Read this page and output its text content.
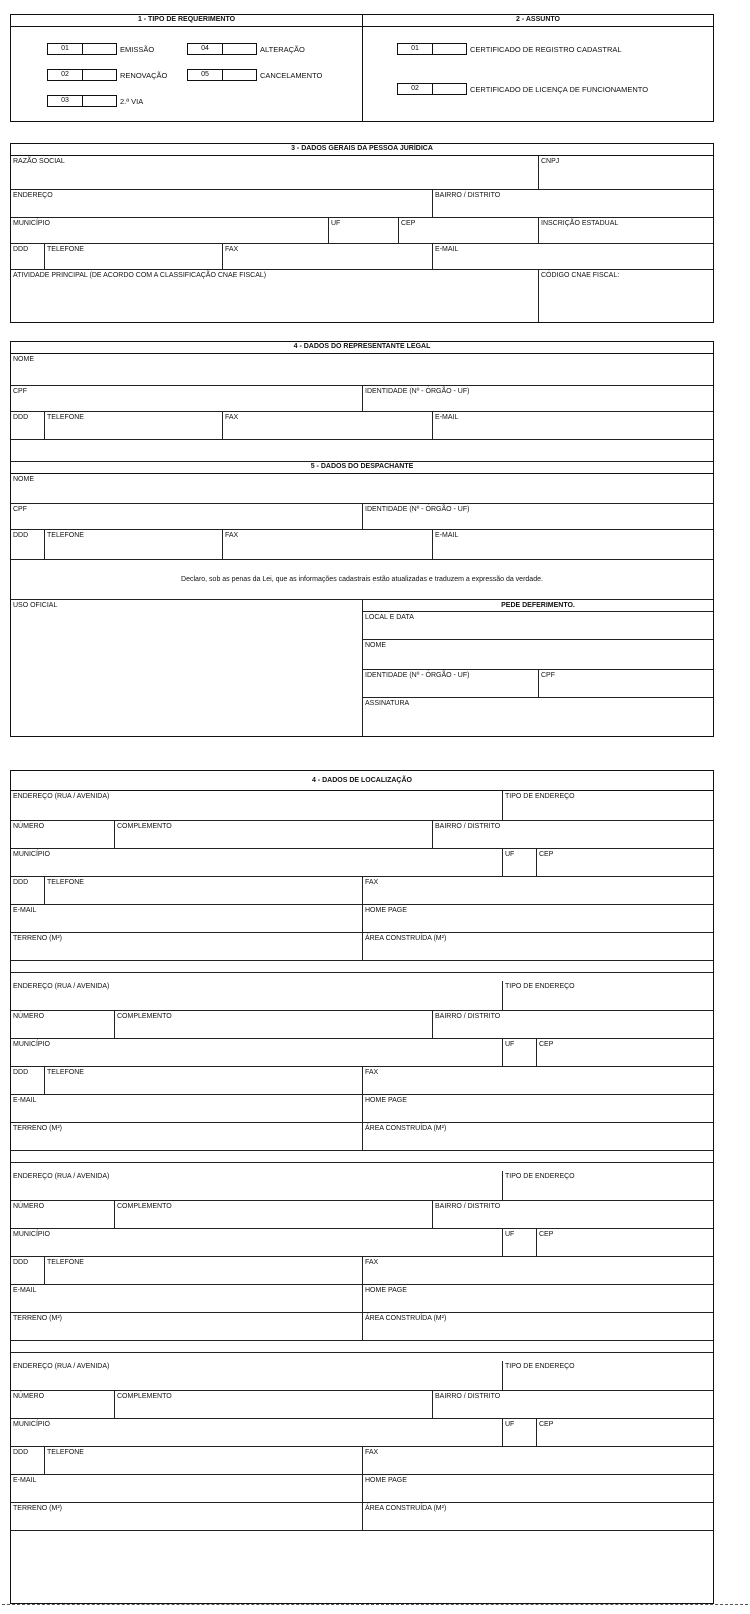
1 - TIPO DE REQUERIMENTO
01	EMISSÃO
02	RENOVAÇÃO
03	2.ª VIA
04	ALTERAÇÃO
05	CANCELAMENTO
2 - ASSUNTO
01	CERTIFICADO DE REGISTRO CADASTRAL
02	CERTIFICADO DE LICENÇA DE FUNCIONAMENTO
3 - DADOS GERAIS DA PESSOA JURÍDICA
RAZÃO SOCIAL	CNPJ
ENDEREÇO	BAIRRO / DISTRITO
MUNICÍPIO	UF	CEP	INSCRIÇÃO ESTADUAL
DDD	TELEFONE	FAX	E-MAIL
ATIVIDADE PRINCIPAL (DE ACORDO COM A CLASSIFICAÇÃO CNAE FISCAL)	CÓDIGO CNAE FISCAL:
4 - DADOS DO REPRESENTANTE LEGAL
NOME
CPF	IDENTIDADE (Nº - ÓRGÃO - UF)
DDD	TELEFONE	FAX	E-MAIL
5 - DADOS DO DESPACHANTE
NOME
CPF	IDENTIDADE (Nº - ÓRGÃO - UF)
DDD	TELEFONE	FAX	E-MAIL
Declaro, sob as penas da Lei, que as informações cadastrais estão atualizadas e traduzem a expressão da verdade.
USO OFICIAL	PEDE DEFERIMENTO.
LOCAL E DATA
NOME
IDENTIDADE (Nº - ÓRGÃO - UF)	CPF
ASSINATURA
4 - DADOS DE LOCALIZAÇÃO
ENDEREÇO (RUA / AVENIDA)	TIPO DE ENDEREÇO
NÚMERO	COMPLEMENTO	BAIRRO / DISTRITO
MUNICÍPIO	UF	CEP
DDD	TELEFONE	FAX
E-MAIL	HOME PAGE
TERRENO (M²)	ÁREA CONSTRUÍDA (M²)
ENDEREÇO (RUA / AVENIDA)	TIPO DE ENDEREÇO
NÚMERO	COMPLEMENTO	BAIRRO / DISTRITO
MUNICÍPIO	UF	CEP
DDD	TELEFONE	FAX
E-MAIL	HOME PAGE
TERRENO (M²)	ÁREA CONSTRUÍDA (M²)
ENDEREÇO (RUA / AVENIDA)	TIPO DE ENDEREÇO
NÚMERO	COMPLEMENTO	BAIRRO / DISTRITO
MUNICÍPIO	UF	CEP
DDD	TELEFONE	FAX
E-MAIL	HOME PAGE
TERRENO (M²)	ÁREA CONSTRUÍDA (M²)
ENDEREÇO (RUA / AVENIDA)	TIPO DE ENDEREÇO
NÚMERO	COMPLEMENTO	BAIRRO / DISTRITO
MUNICÍPIO	UF	CEP
DDD	TELEFONE	FAX
E-MAIL	HOME PAGE
TERRENO (M²)	ÁREA CONSTRUÍDA (M²)
